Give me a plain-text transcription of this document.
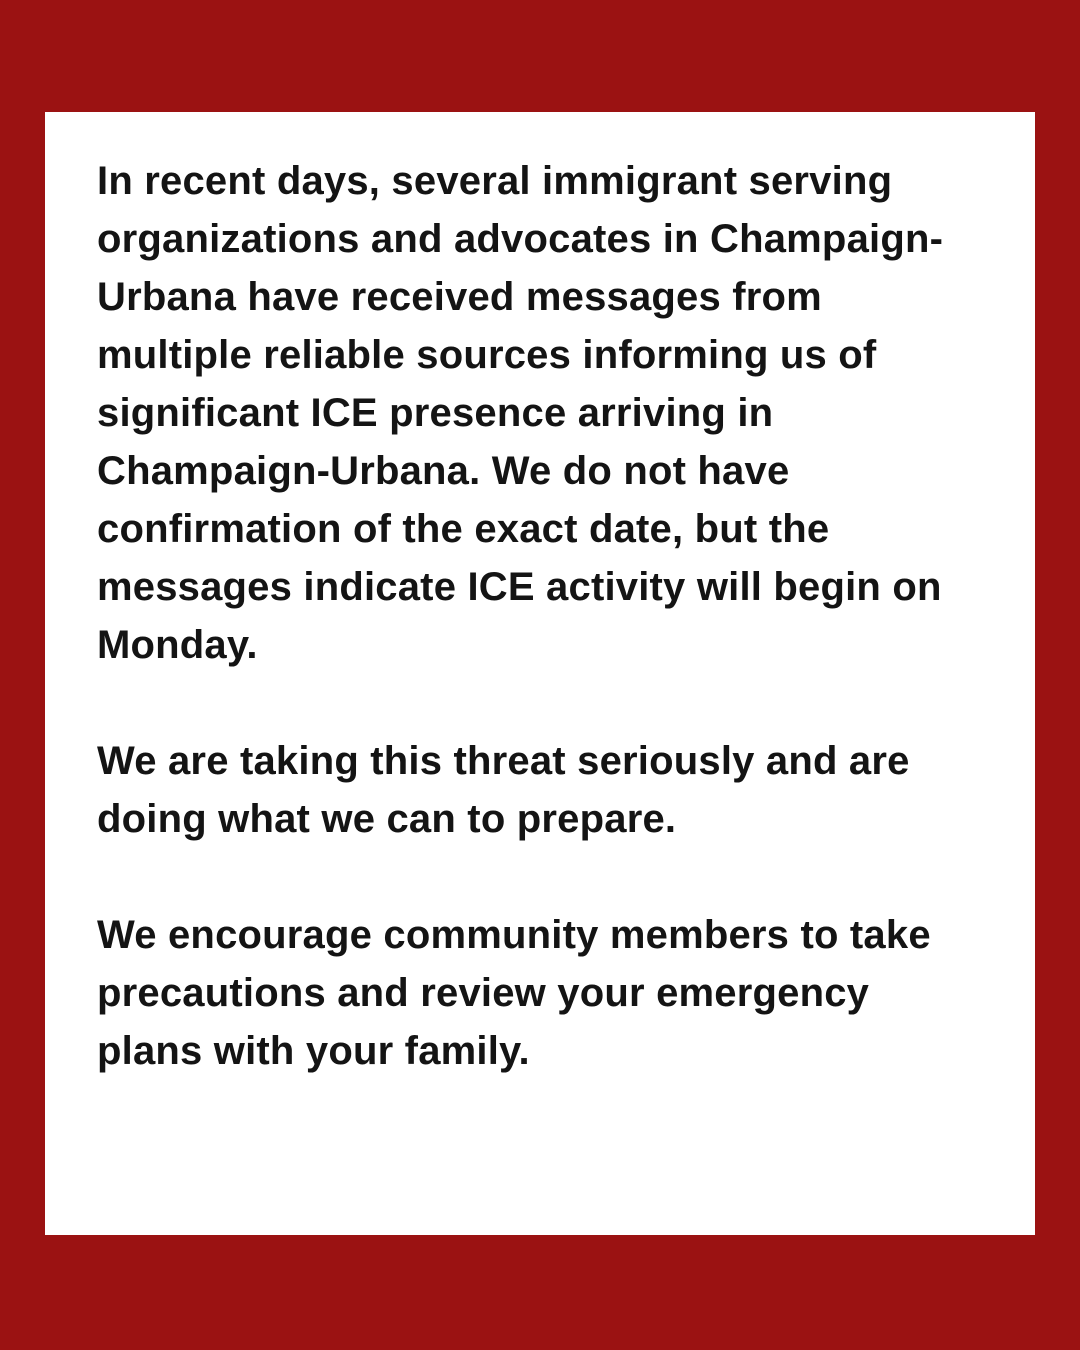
In recent days, several immigrant serving organizations and advocates in Champaign-Urbana have received messages from multiple reliable sources informing us of significant ICE presence arriving in Champaign-Urbana. We do not have confirmation of the exact date, but the messages indicate ICE activity will begin on Monday.

We are taking this threat seriously and are doing what we can to prepare.

We encourage community members to take precautions and review your emergency plans with your family.
